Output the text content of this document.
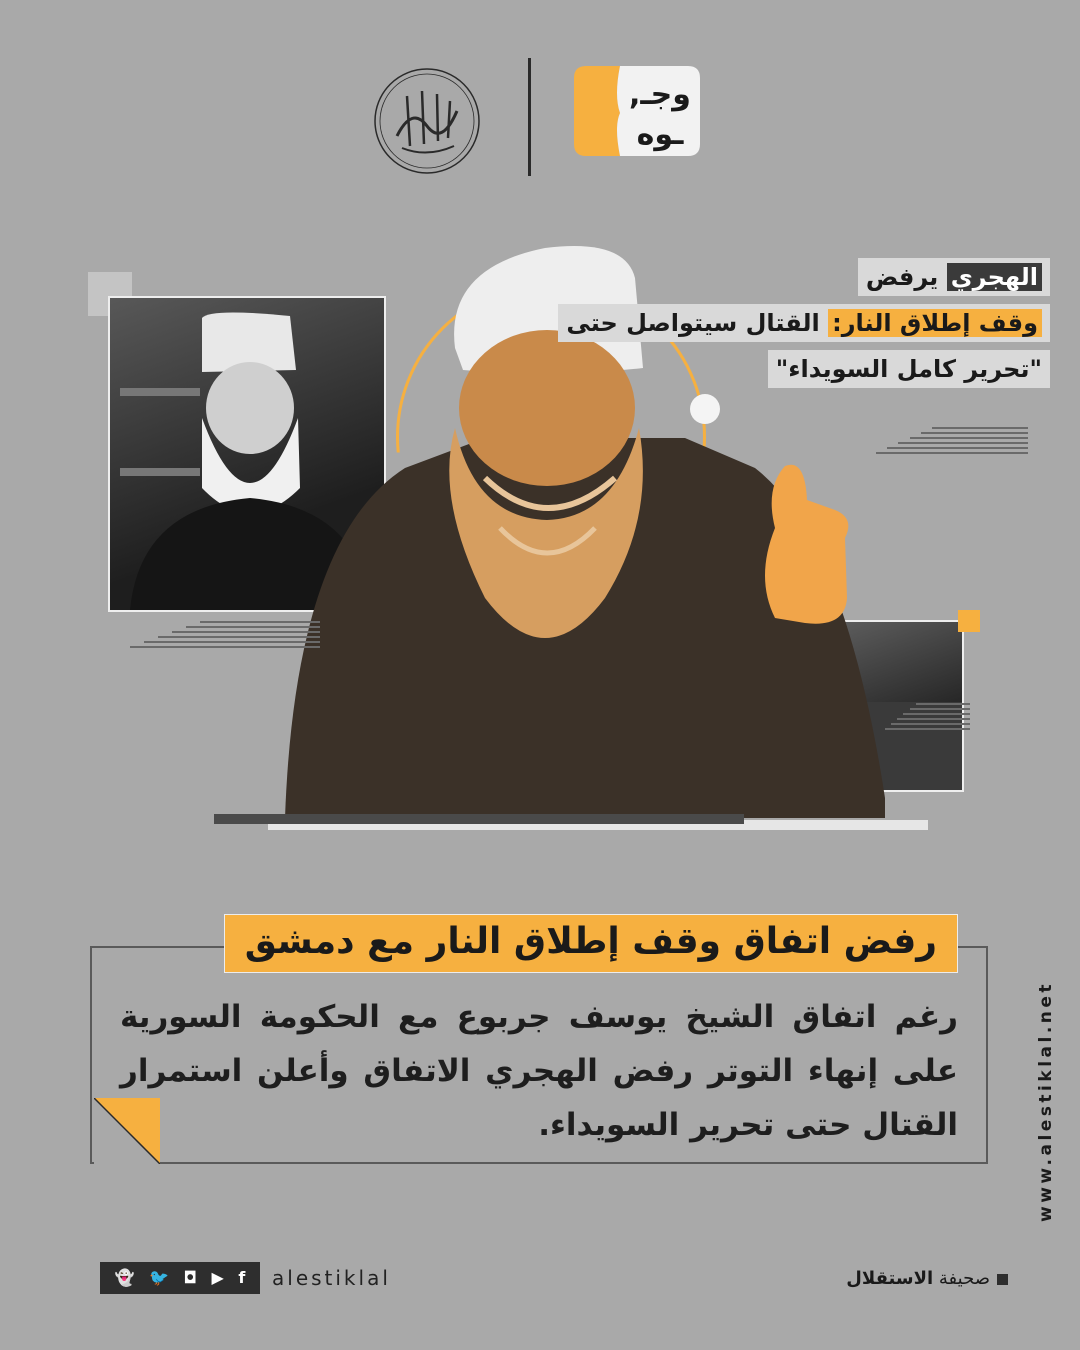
وجـ,
ـوه
الهجري يرفض
وقف إطلاق النار: القتال سيتواصل حتى
"تحرير كامل السويداء"
رفض اتفاق وقف إطلاق النار مع دمشق
رغم اتفاق الشيخ يوسف جربوع مع الحكومة السورية على إنهاء التوتر رفض الهجري الاتفاق وأعلن استمرار القتال حتى تحرير السويداء.	www.alestiklal.net
👻 🐦 ◘ ▶ f alestiklal	صحيفة الاستقلال
